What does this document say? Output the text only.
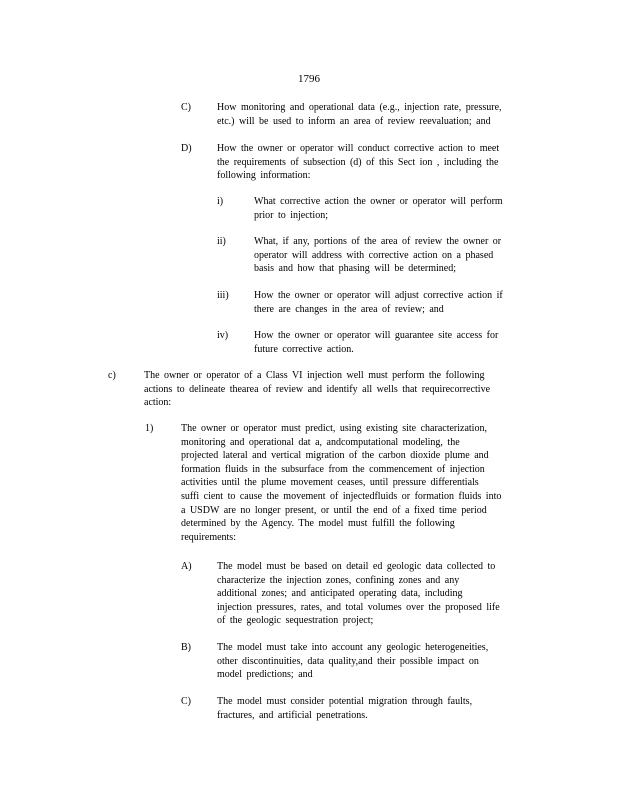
1796
C)	How monitoring and operational data (e.g., injection rate, pressure,
etc.) will be used to inform an area of review reevaluation; and
D)	How the owner or operator will conduct corrective action to meet
the requirements of subsection (d) of this Sect ion , including the
following information:
i)	What corrective action the owner or operator will perform
prior to injection;
ii)	What, if any, portions of the area of review the owner or
operator will address with corrective action on a phased
basis and how that phasing will be determined;
iii)	How the owner or operator will adjust corrective action if
there are changes in the area of review; and
iv)	How the owner or operator will guarantee site access for
future corrective action.
c)	The owner or operator of a Class VI injection well must perform the following
actions to delineate thearea of review and identify all wells that requirecorrective
action:
1)	The owner or operator must predict, using existing site characterization,
monitoring and operational dat a, andcomputational modeling, the
projected lateral and vertical migration of the carbon dioxide plume and
formation fluids in the subsurface from the commencement of injection
activities until the plume movement ceases, until pressure differentials
suffi cient to cause the movement of injectedfluids or formation fluids into
a USDW are no longer present, or until the end of a fixed time period
determined by the Agency. The model must fulfill the following
requirements:
A)	The model must be based on detail ed geologic data collected to
characterize the injection zones, confining zones and any
additional zones; and anticipated operating data, including
injection pressures, rates, and total volumes over the proposed life
of the geologic sequestration project;
B)	The model must take into account any geologic heterogeneities,
other discontinuities, data quality,and their possible impact on
model predictions; and
C)	The model must consider potential migration through faults,
fractures, and artificial penetrations.
